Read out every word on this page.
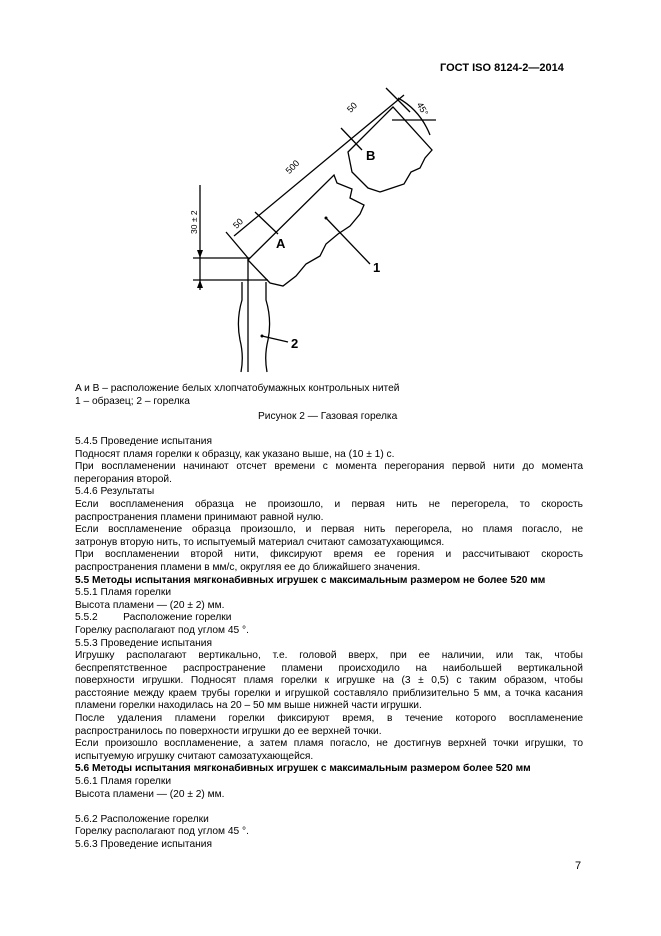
ГОСТ ISO 8124-2—2014
500
50
50
45°
30 ± 2
A
B
1
2
A и B – расположение белых хлопчатобумажных контрольных нитей
1 – образец; 2 – горелка
Рисунок 2 — Газовая горелка

5.4.5 Проведение испытания

Подносят пламя горелки к образцу, как указано выше, на (10 ± 1) с.

При воспламенении начинают отсчет времени с момента перегорания первой нити до момента

перегорания второй.

5.4.6 Результаты

Если воспламенения образца не произошло, и первая нить не перегорела, то скорость

распространения пламени принимают равной нулю.

Если воспламенение образца произошло, и первая нить перегорела, но пламя погасло, не

затронув вторую нить, то испытуемый материал считают самозатухающимся.

При воспламенении второй нити, фиксируют время ее горения и рассчитывают скорость

распространения пламени в мм/с, округляя ее до ближайшего значения.

5.5 Методы испытания мягконабивных игрушек с максимальным размером не более 520 мм

5.5.1 Пламя горелки

Высота пламени — (20 ± 2) мм.

5.5.2         Расположение горелки

Горелку располагают под углом 45 °.

5.5.3 Проведение испытания

Игрушку располагают вертикально, т.е. головой вверх, при ее наличии, или так, чтобы

беспрепятственное распространение пламени происходило на наибольшей вертикальной

поверхности игрушки. Подносят пламя горелки к игрушке на (3 ± 0,5) с таким образом, чтобы

расстояние между краем трубы горелки и игрушкой составляло приблизительно 5 мм, а точка касания

пламени горелки находилась на 20 – 50 мм выше нижней части игрушки.

После удаления пламени горелки фиксируют время, в течение которого воспламенение

распространилось по поверхности игрушки до ее верхней точки.

Если произошло воспламенение, а затем пламя погасло, не достигнув верхней точки игрушки, то

испытуемую игрушку считают самозатухающейся.

5.6 Методы испытания мягконабивных игрушек с максимальным размером более 520 мм

5.6.1 Пламя горелки

Высота пламени — (20 ± 2) мм.

5.6.2 Расположение горелки

Горелку располагают под углом 45 °.

5.6.3 Проведение испытания

7
